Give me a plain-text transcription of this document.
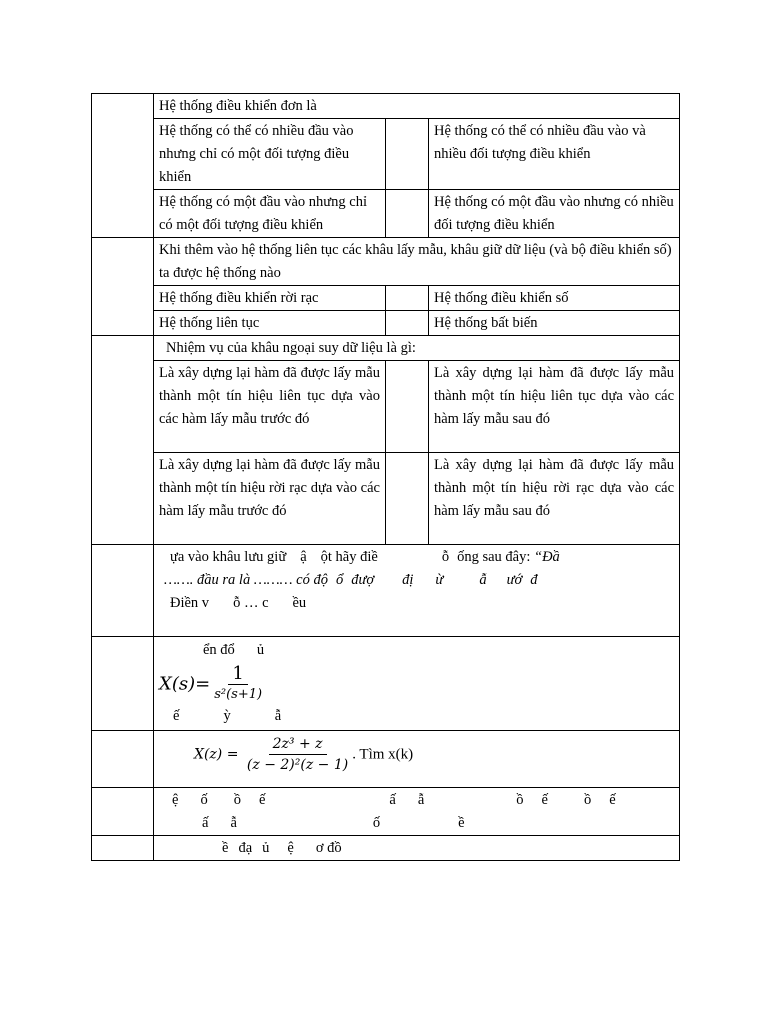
	Hệ thống điều khiển đơn là		
	Hệ thống có thể có nhiều đầu vào nhưng chỉ có một đối tượng điều khiển		Hệ thống có thể có nhiều đầu vào và nhiều đối tượng điều khiển
	Hệ thống có một đầu vào nhưng chỉ có một đối tượng điều khiển		Hệ thống có một đầu vào nhưng có nhiều đối tượng điều khiển
	Khi thêm vào hệ thống liên tục các khâu lấy mẫu, khâu giữ dữ liệu (và bộ điều khiển số) ta được hệ thống nào		
	Hệ thống điều khiển rời rạc		Hệ thống điều khiển số
	Hệ thống liên tục		Hệ thống bất biến
	Nhiệm vụ của khâu ngoại suy dữ liệu là gì:		
	Là xây dựng lại hàm đã được lấy mẫu thành một tín hiệu liên tục dựa vào các hàm lấy mẫu trước đó		Là xây dựng lại hàm đã được lấy mẫu thành một tín hiệu liên tục dựa vào các hàm lấy mẫu sau đó
	Là xây dựng lại hàm đã được lấy mẫu thành một tín hiệu rời rạc dựa vào các hàm lấy mẫu trước đó		Là xây dựng lại hàm đã được lấy mẫu thành một tín hiệu rời rạc dựa vào các hàm lấy mẫu sau đó

	ựa vào khâu lưu giữ ậ ột hãy điề ỗ ống sau đây: “Đầ
……. đầu ra là ……… có độ ổ đượ đị ừ ẫ ướ đ
Điền v ỗ … c ều		

	ển đổ ủ
$X(s)= \frac{1}{\text{s²(s+1)}}$
ế ỳ ẫ		

	$X(z) = \frac{\text{2z³ + z}}{\text{(z − 2)²(z − 1)}}$ . Tìm x(k)		

	ệ ố ồ ế ấ ẫ ồ ế ồ ế
ấ ẫ ố ề		

	ề đạ ủ ệ ơ đồ		
